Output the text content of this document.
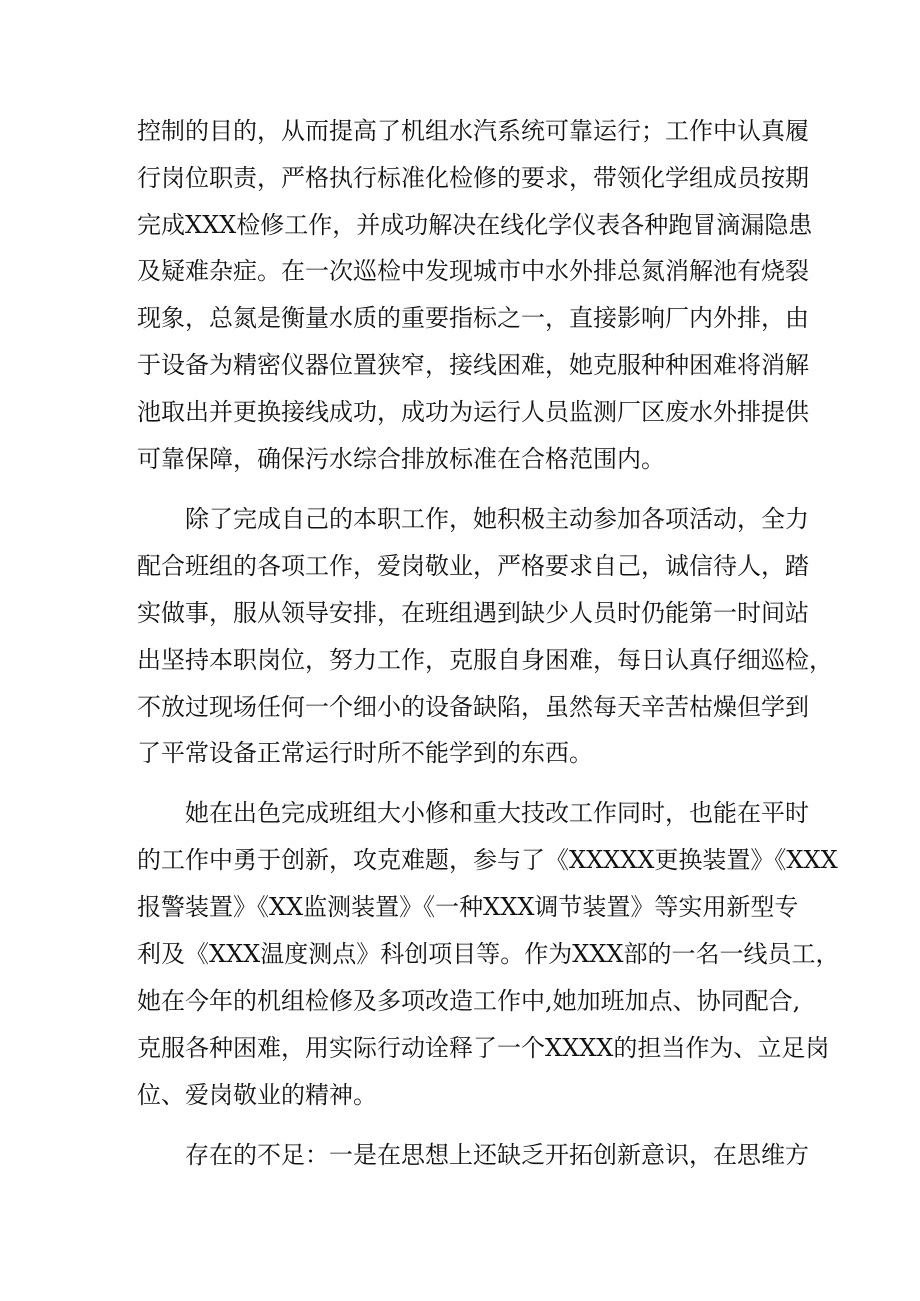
控制的目的，从而提高了机组水汽系统可靠运行；工作中认真履

行岗位职责，严格执行标准化检修的要求，带领化学组成员按期

完成XXX检修工作，并成功解决在线化学仪表各种跑冒滴漏隐患

及疑难杂症。在一次巡检中发现城市中水外排总氮消解池有烧裂

现象，总氮是衡量水质的重要指标之一，直接影响厂内外排，由

于设备为精密仪器位置狭窄，接线困难，她克服种种困难将消解

池取出并更换接线成功，成功为运行人员监测厂区废水外排提供

可靠保障，确保污水综合排放标准在合格范围内。

除了完成自己的本职工作，她积极主动参加各项活动，全力

配合班组的各项工作，爱岗敬业，严格要求自己，诚信待人，踏

实做事，服从领导安排，在班组遇到缺少人员时仍能第一时间站

出坚持本职岗位，努力工作，克服自身困难，每日认真仔细巡检，

不放过现场任何一个细小的设备缺陷，虽然每天辛苦枯燥但学到

了平常设备正常运行时所不能学到的东西。

她在出色完成班组大小修和重大技改工作同时，也能在平时

的工作中勇于创新，攻克难题，参与了《XXXXX更换装置》《XXX

报警装置》《XX监测装置》《一种XXX调节装置》等实用新型专

利及《XXX温度测点》科创项目等。作为XXX部的一名一线员工，

她在今年的机组检修及多项改造工作中,她加班加点、协同配合,

克服各种困难，用实际行动诠释了一个XXXX的担当作为、立足岗

位、爱岗敬业的精神。

存在的不足：一是在思想上还缺乏开拓创新意识，在思维方
